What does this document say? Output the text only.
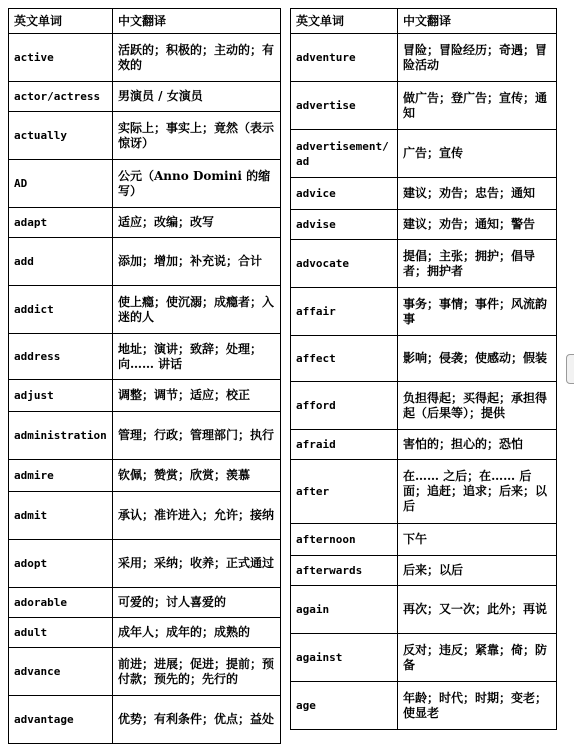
英文单词	中文翻译
active	活跃的；积极的；主动的；有效的
actor/actress	男演员 / 女演员
actually	实际上；事实上；竟然（表示惊讶）
AD	公元（Anno Domini 的缩写）
adapt	适应；改编；改写
add	添加；增加；补充说；合计
addict	使上瘾；使沉溺；成瘾者；入迷的人
address	地址；演讲；致辞；处理；向…… 讲话
adjust	调整；调节；适应；校正
administration	管理；行政；管理部门；执行
admire	钦佩；赞赏；欣赏；羡慕
admit	承认；准许进入；允许；接纳
adopt	采用；采纳；收养；正式通过
adorable	可爱的；讨人喜爱的
adult	成年人；成年的；成熟的
advance	前进；进展；促进；提前；预付款；预先的；先行的
advantage	优势；有利条件；优点；益处
英文单词	中文翻译
adventure	冒险；冒险经历；奇遇；冒险活动
advertise	做广告；登广告；宣传；通知
advertisement/ad	广告；宣传
advice	建议；劝告；忠告；通知
advise	建议；劝告；通知；警告
advocate	提倡；主张；拥护；倡导者；拥护者
affair	事务；事情；事件；风流韵事
affect	影响；侵袭；使感动；假装
afford	负担得起；买得起；承担得起（后果等）；提供
afraid	害怕的；担心的；恐怕
after	在…… 之后；在…… 后面；追赶；追求；后来；以后
afternoon	下午
afterwards	后来；以后
again	再次；又一次；此外；再说
against	反对；违反；紧靠；倚；防备
age	年龄；时代；时期；变老；使显老
